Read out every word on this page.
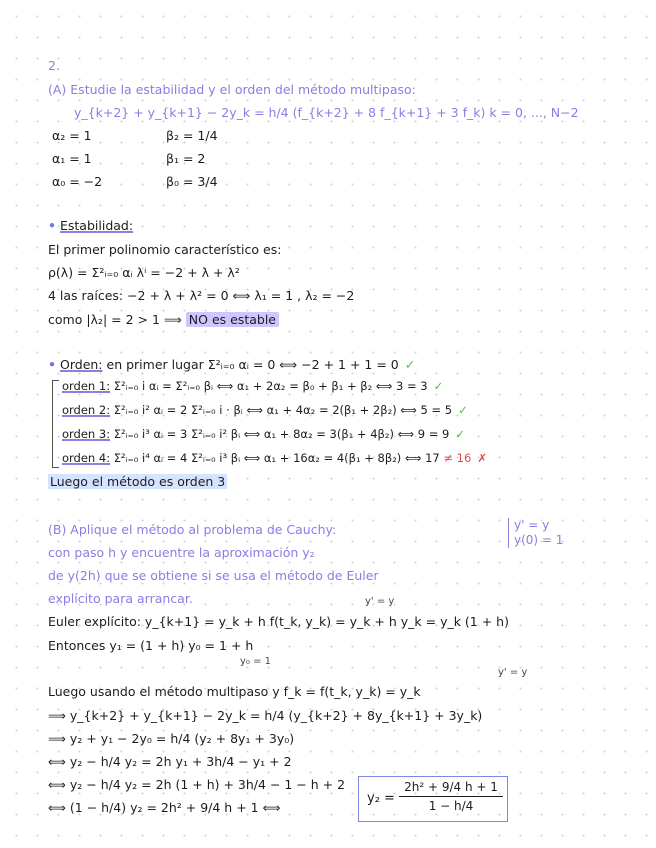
2.

(A) Estudie la estabilidad y el orden del método multipaso:

y_{k+2} + y_{k+1} − 2y_k = h/4 (f_{k+2} + 8 f_{k+1} + 3 f_k) k = 0, ..., N−2

α₂ = 1	β₂ = 1/4
α₁ = 1	β₁ = 2
α₀ = −2	β₀ = 3/4

• Estabilidad:

El primer polinomio característico es:

ρ(λ) = Σ²ᵢ₌₀ αᵢ λⁱ = −2 + λ + λ²

4 las raíces: −2 + λ + λ² = 0 ⟺ λ₁ = 1 , λ₂ = −2

como |λ₂| = 2 > 1 ⟹ NO es estable

• Orden: en primer lugar Σ²ᵢ₌₀ αᵢ = 0 ⟺ −2 + 1 + 1 = 0 ✓

orden 1: Σ²ᵢ₌₀ i αᵢ = Σ²ᵢ₌₀ βᵢ ⟺ α₁ + 2α₂ = β₀ + β₁ + β₂ ⟺ 3 = 3 ✓

orden 2: Σ²ᵢ₌₀ i² αᵢ = 2 Σ²ᵢ₌₀ i · βᵢ ⟺ α₁ + 4α₂ = 2(β₁ + 2β₂) ⟺ 5 = 5 ✓

orden 3: Σ²ᵢ₌₀ i³ αᵢ = 3 Σ²ᵢ₌₀ i² βᵢ ⟺ α₁ + 8α₂ = 3(β₁ + 4β₂) ⟺ 9 = 9 ✓

orden 4: Σ²ᵢ₌₀ i⁴ αᵢ = 4 Σ²ᵢ₌₀ i³ βᵢ ⟺ α₁ + 16α₂ = 4(β₁ + 8β₂) ⟺ 17 ≠ 16 ✗

Luego el método es orden 3

(B) Aplique el método al problema de Cauchy:	y' = y
y(0) = 1

con paso h y encuentre la aproximación y₂

de y(2h) que se obtiene si se usa el método de Euler

explícito para arrancar.	y' = y

Euler explícito: y_{k+1} = y_k + h f(t_k, y_k) = y_k + h y_k = y_k (1 + h)

Entonces y₁ = (1 + h) y₀ = 1 + h

y₀ = 1
y' = y

Luego usando el método multipaso y f_k = f(t_k, y_k) = y_k

⟹ y_{k+2} + y_{k+1} − 2y_k = h/4 (y_{k+2} + 8y_{k+1} + 3y_k)

⟹ y₂ + y₁ − 2y₀ = h/4 (y₂ + 8y₁ + 3y₀)

⟺ y₂ − h/4 y₂ = 2h y₁ + 3h/4 − y₁ + 2

⟺ y₂ − h/4 y₂ = 2h (1 + h) + 3h/4 − 1 − h + 2

⟺ (1 − h/4) y₂ = 2h² + 9/4 h + 1 ⟺

$y_2 = \frac{\text{2h² + 9/4 h + 1}}{1 - h/4}$
